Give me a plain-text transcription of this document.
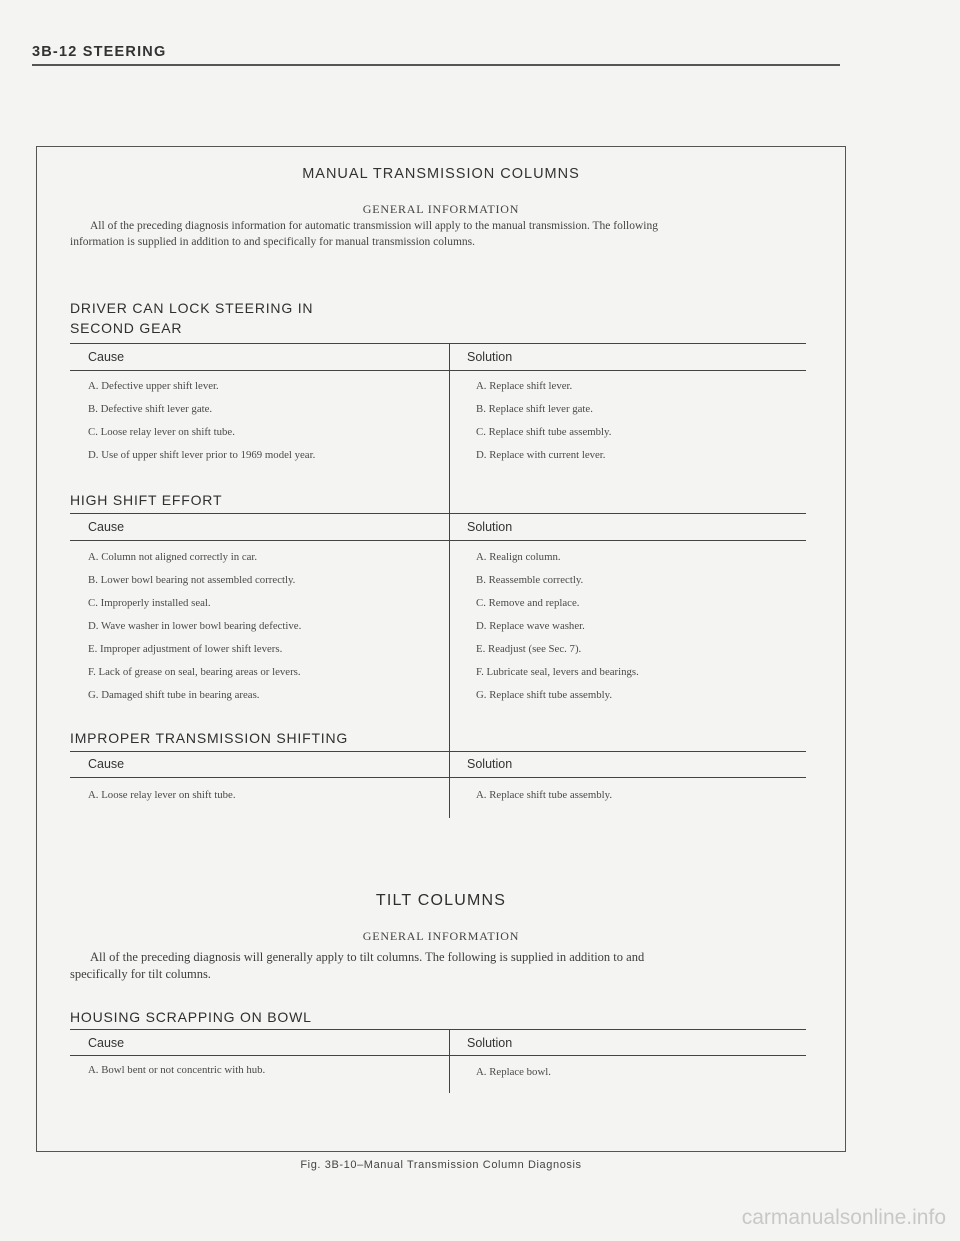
3B-12 STEERING
MANUAL TRANSMISSION COLUMNS
GENERAL INFORMATION
All of the preceding diagnosis information for automatic transmission will apply to the manual transmission. The following
information is supplied in addition to and specifically for manual transmission columns.
DRIVER CAN LOCK STEERING IN
SECOND GEAR
Cause	Solution
A. Defective upper shift lever.	A. Replace shift lever.
B. Defective shift lever gate.	B. Replace shift lever gate.
C. Loose relay lever on shift tube.	C. Replace shift tube assembly.
D. Use of upper shift lever prior to 1969 model year.	D. Replace with current lever.
HIGH SHIFT EFFORT
Cause	Solution
A. Column not aligned correctly in car.	A. Realign column.
B. Lower bowl bearing not assembled correctly.	B. Reassemble correctly.
C. Improperly installed seal.	C. Remove and replace.
D. Wave washer in lower bowl bearing defective.	D. Replace wave washer.
E. Improper adjustment of lower shift levers.	E. Readjust (see Sec. 7).
F. Lack of grease on seal, bearing areas or levers.	F. Lubricate seal, levers and bearings.
G. Damaged shift tube in bearing areas.	G. Replace shift tube assembly.
IMPROPER TRANSMISSION SHIFTING
Cause	Solution
A. Loose relay lever on shift tube.	A. Replace shift tube assembly.
TILT COLUMNS
GENERAL INFORMATION
All of the preceding diagnosis will generally apply to tilt columns. The following is supplied in addition to and
specifically for tilt columns.
HOUSING SCRAPPING ON BOWL
Cause	Solution
A. Bowl bent or not concentric with hub.	A. Replace bowl.
Fig. 3B-10–Manual Transmission Column Diagnosis
carmanualsonline.info
